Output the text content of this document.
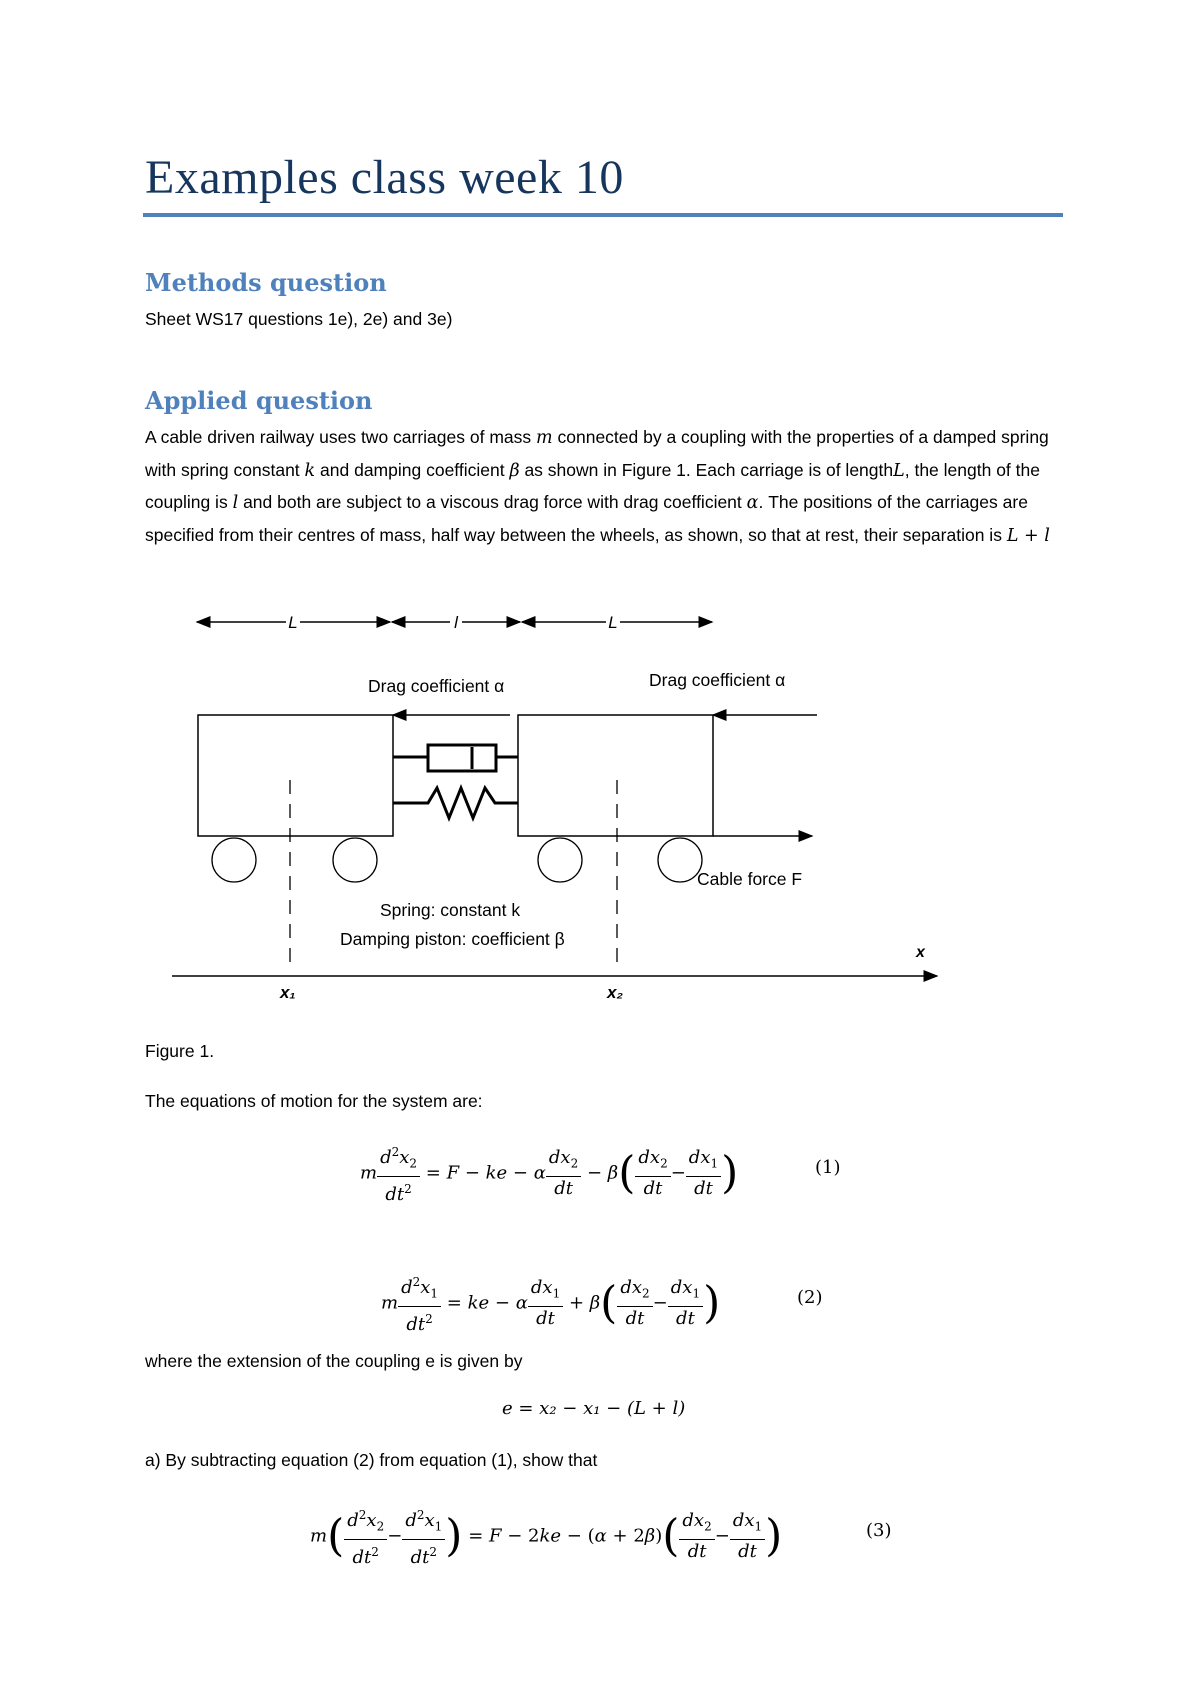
Examples class week 10
Methods question
Sheet WS17 questions 1e), 2e) and 3e)
Applied question
A cable driven railway uses two carriages of mass m connected by a coupling with the properties of a damped spring with spring constant k and damping coefficient β as shown in Figure 1. Each carriage is of lengthL, the length of the coupling is l and both are subject to a viscous drag force with drag coefficient α. The positions of the carriages are specified from their centres of mass, half way between the wheels, as shown, so that at rest, their separation is L + l
L	l	L
Drag coefficient α	Drag coefficient α
Cable force F
Spring: constant k
Damping piston: coefficient β
x
x₁	x₂
Figure 1.
The equations of motion for the system are:
m $\frac{d^2x_2}{dt^2} = F$ − ke − α $\frac{dx_2}{dt} - \beta( \frac{dx_2}{dt} - \frac{dx_1}{dt}$ )	(1)
m $\frac{d^2x_1}{dt^2}$ = ke − α $\frac{dx_1}{dt} + \beta( \frac{dx_2}{dt} - \frac{dx_1}{dt}$ )	(2)
where the extension of the coupling e is given by
e = x₂ − x₁ − (L + l)
a) By subtracting equation (2) from equation (1), show that
$m( \frac{d^2x_2}{dt^2} - \frac{d^2x_1}{dt^2}$ ) = $F - 2ke - (\alpha + 2\beta)( \frac{dx_2}{dt} - \frac{dx_1}{dt}$ )	(3)
